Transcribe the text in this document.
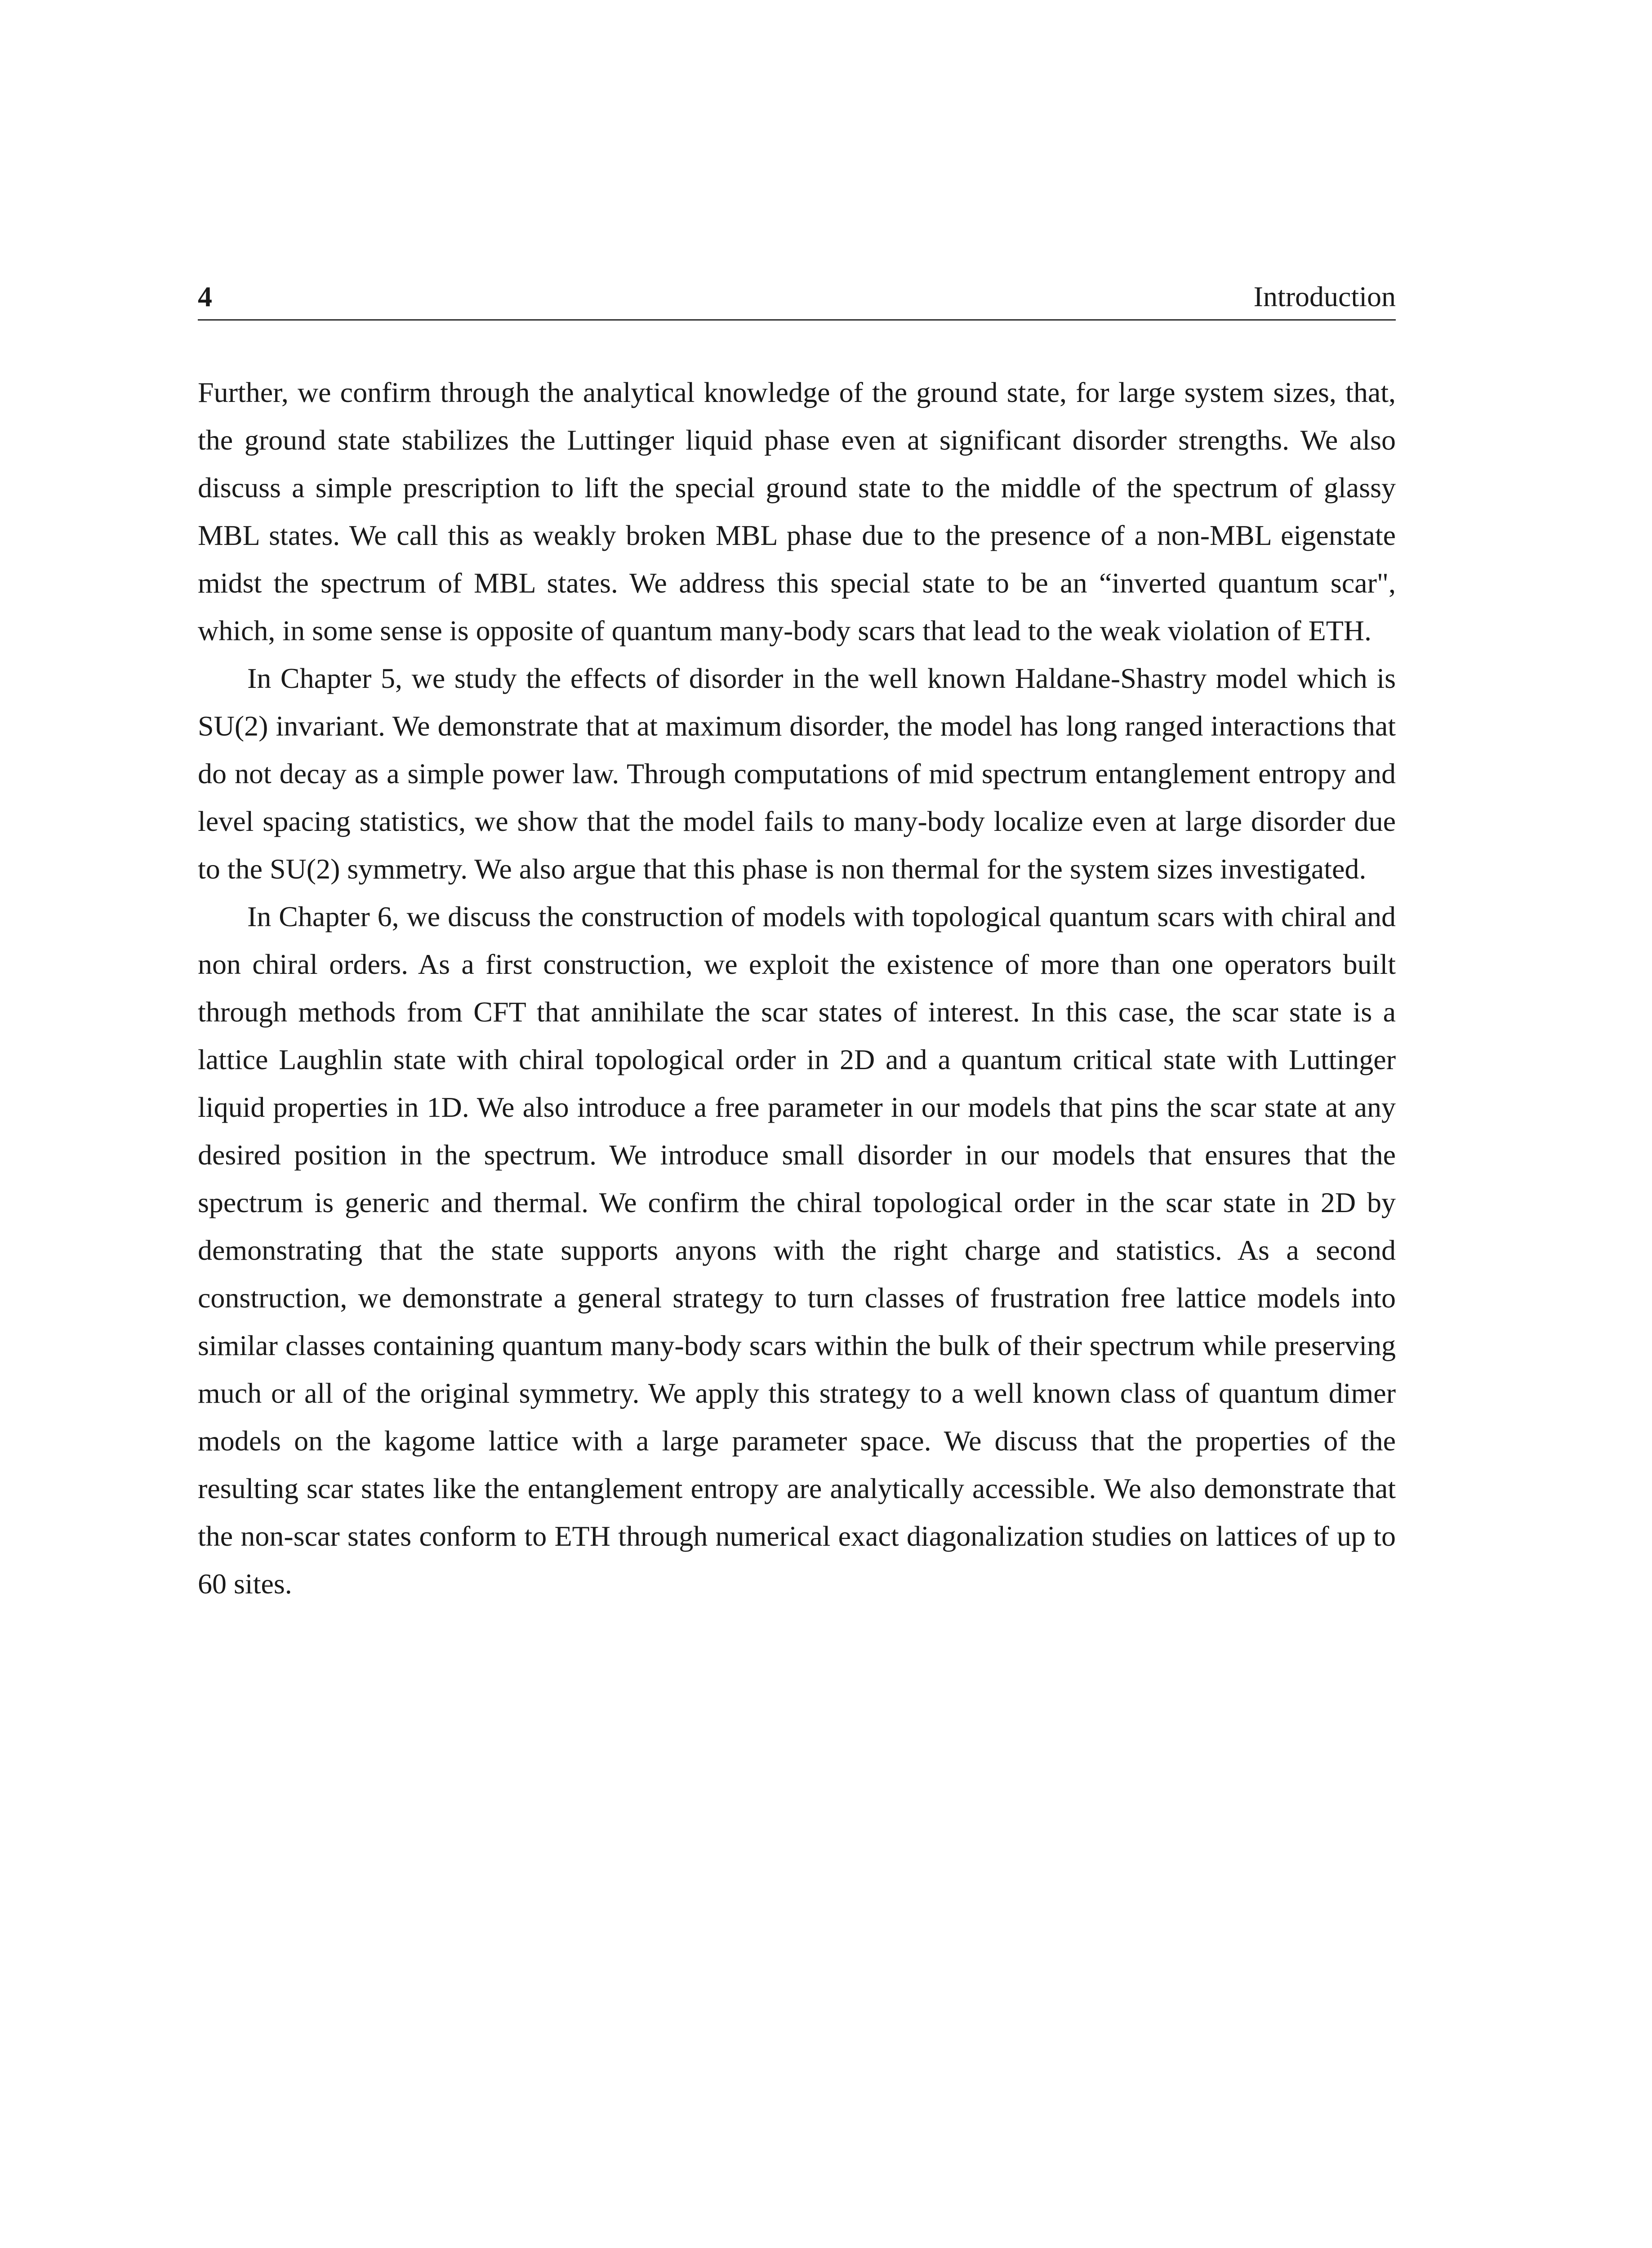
4	Introduction

Further, we confirm through the analytical knowledge of the ground state, for large system sizes, that, the ground state stabilizes the Luttinger liquid phase even at significant disorder strengths. We also discuss a simple prescription to lift the special ground state to the middle of the spectrum of glassy MBL states. We call this as weakly broken MBL phase due to the presence of a non-MBL eigenstate midst the spectrum of MBL states. We address this special state to be an “inverted quantum scar", which, in some sense is opposite of quantum many-body scars that lead to the weak violation of ETH.

In Chapter 5, we study the effects of disorder in the well known Haldane-Shastry model which is SU(2) invariant. We demonstrate that at maximum disorder, the model has long ranged interactions that do not decay as a simple power law. Through computations of mid spectrum entanglement entropy and level spacing statistics, we show that the model fails to many-body localize even at large disorder due to the SU(2) symmetry. We also argue that this phase is non thermal for the system sizes investigated.

In Chapter 6, we discuss the construction of models with topological quantum scars with chiral and non chiral orders. As a first construction, we exploit the existence of more than one operators built through methods from CFT that annihilate the scar states of interest. In this case, the scar state is a lattice Laughlin state with chiral topological order in 2D and a quantum critical state with Luttinger liquid properties in 1D. We also introduce a free parameter in our models that pins the scar state at any desired position in the spectrum. We introduce small disorder in our models that ensures that the spectrum is generic and thermal. We confirm the chiral topological order in the scar state in 2D by demonstrating that the state supports anyons with the right charge and statistics. As a second construction, we demonstrate a general strategy to turn classes of frustration free lattice models into similar classes containing quantum many-body scars within the bulk of their spectrum while preserving much or all of the original symmetry. We apply this strategy to a well known class of quantum dimer models on the kagome lattice with a large parameter space. We discuss that the properties of the resulting scar states like the entanglement entropy are analytically accessible. We also demonstrate that the non-scar states conform to ETH through numerical exact diagonalization studies on lattices of up to 60 sites.
